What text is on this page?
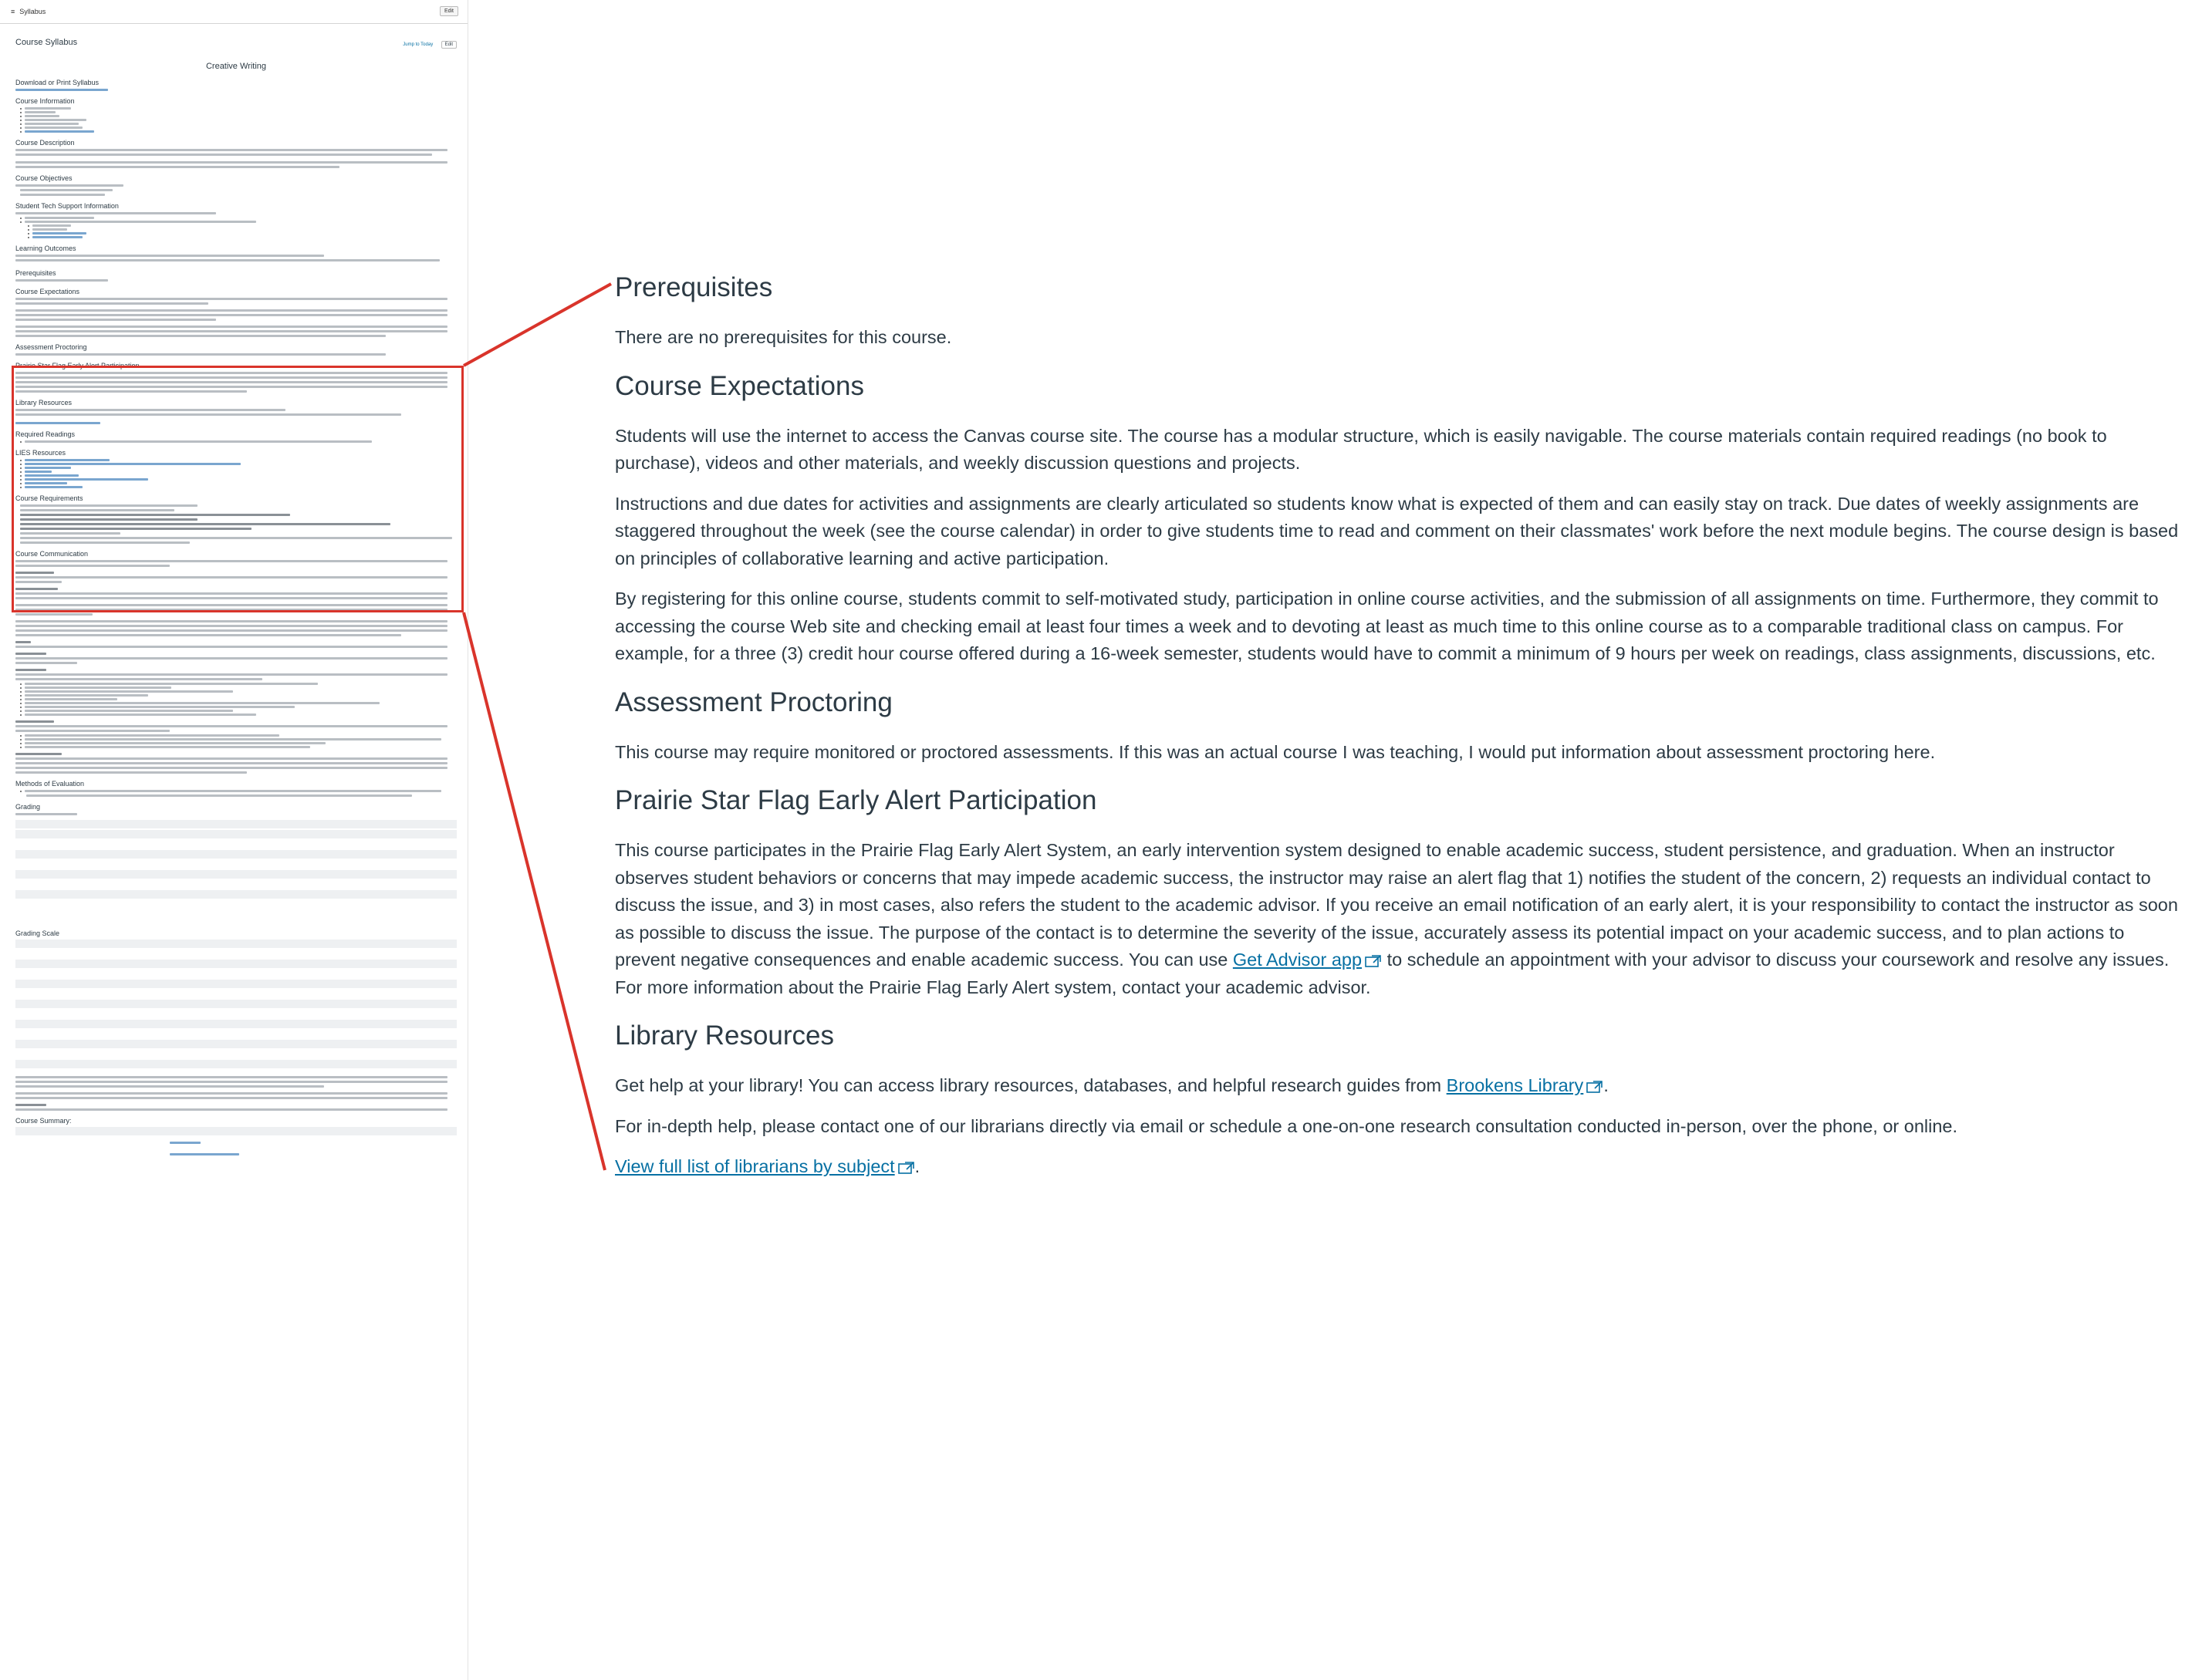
≡ Syllabus	Edit
Course Syllabus	Jump to Today	Edit
Creative Writing
Download or Print Syllabus
Course Information
Course Description
Course Objectives
Student Tech Support Information
Learning Outcomes
Prerequisites
Course Expectations
Assessment Proctoring
Prairie Star Flag Early Alert Participation
Library Resources
Required Readings
LIES Resources
Course Requirements
Course Communication
Methods of Evaluation
Grading
Grading Scale
Course Summary:
Prerequisites

There are no prerequisites for this course.

Course Expectations

Students will use the internet to access the Canvas course site. The course has a modular structure, which is easily navigable. The course materials contain required readings (no book to purchase), videos and other materials, and weekly discussion questions and projects.

Instructions and due dates for activities and assignments are clearly articulated so students know what is expected of them and can easily stay on track. Due dates of weekly assignments are staggered throughout the week (see the course calendar) in order to give students time to read and comment on their classmates' work before the next module begins. The course design is based on principles of collaborative learning and active participation.

By registering for this online course, students commit to self-motivated study, participation in online course activities, and the submission of all assignments on time. Furthermore, they commit to accessing the course Web site and checking email at least four times a week and to devoting at least as much time to this online course as to a comparable traditional class on campus. For example, for a three (3) credit hour course offered during a 16-week semester, students would have to commit a minimum of 9 hours per week on readings, class assignments, discussions, etc.

Assessment Proctoring

This course may require monitored or proctored assessments. If this was an actual course I was teaching, I would put information about assessment proctoring here.

Prairie Star Flag Early Alert Participation

This course participates in the Prairie Flag Early Alert System, an early intervention system designed to enable academic success, student persistence, and graduation. When an instructor observes student behaviors or concerns that may impede academic success, the instructor may raise an alert flag that 1) notifies the student of the concern, 2) requests an individual contact to discuss the issue, and 3) in most cases, also refers the student to the academic advisor. If you receive an email notification of an early alert, it is your responsibility to contact the instructor as soon as possible to discuss the issue. The purpose of the contact is to determine the severity of the issue, accurately assess its potential impact on your academic success, and to plan actions to prevent negative consequences and enable academic success. You can use Get Advisor app to schedule an appointment with your advisor to discuss your coursework and resolve any issues. For more information about the Prairie Flag Early Alert system, contact your academic advisor.

Library Resources

Get help at your library! You can access library resources, databases, and helpful research guides from Brookens Library .

For in-depth help, please contact one of our librarians directly via email or schedule a one-on-one research consultation conducted in-person, over the phone, or online.

View full list of librarians by subject .
